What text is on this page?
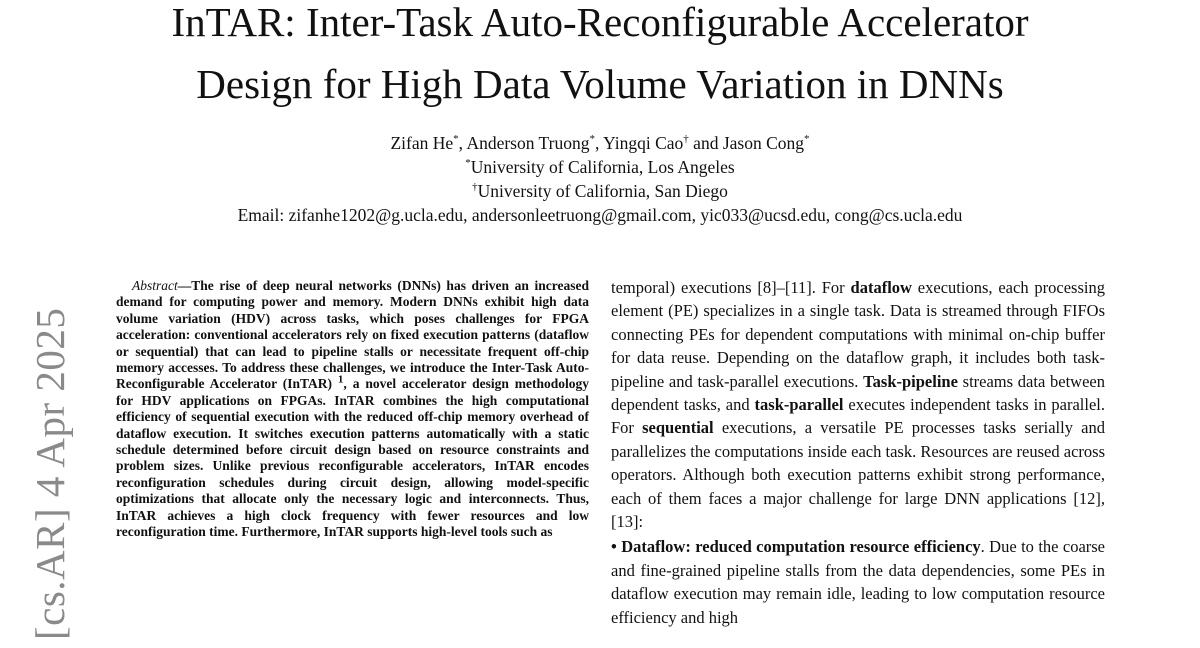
InTAR: Inter-Task Auto-Reconfigurable Accelerator
Design for High Data Volume Variation in DNNs
Zifan He*, Anderson Truong*, Yingqi Cao† and Jason Cong*
*University of California, Los Angeles
†University of California, San Diego
Email: zifanhe1202@g.ucla.edu, andersonleetruong@gmail.com, yic033@ucsd.edu, cong@cs.ucla.edu
[cs.AR] 4 Apr 2025

Abstract—The rise of deep neural networks (DNNs) has driven an increased demand for computing power and memory. Modern DNNs exhibit high data volume variation (HDV) across tasks, which poses challenges for FPGA acceleration: conventional accelerators rely on fixed execution patterns (dataflow or sequential) that can lead to pipeline stalls or necessitate frequent off-chip memory accesses. To address these challenges, we introduce the Inter-Task Auto-Reconfigurable Accelerator (InTAR) $^1$, a novel accelerator design methodology for HDV applications on FPGAs. InTAR combines the high computational efficiency of sequential execution with the reduced off-chip memory overhead of dataflow execution. It switches execution patterns automatically with a static schedule determined before circuit design based on resource constraints and problem sizes. Unlike previous reconfigurable accelerators, InTAR encodes reconfiguration schedules during circuit design, allowing model-specific optimizations that allocate only the necessary logic and interconnects. Thus, InTAR achieves a high clock frequency with fewer resources and low reconfiguration time. Furthermore, InTAR supports high-level tools such as

temporal) executions [8]–[11]. For dataflow executions, each processing element (PE) specializes in a single task. Data is streamed through FIFOs connecting PEs for dependent computations with minimal on-chip buffer for data reuse. Depending on the dataflow graph, it includes both task-pipeline and task-parallel executions. Task-pipeline streams data between dependent tasks, and task-parallel executes independent tasks in parallel. For sequential executions, a versatile PE processes tasks serially and parallelizes the computations inside each task. Resources are reused across operators. Although both execution patterns exhibit strong performance, each of them faces a major challenge for large DNN applications [12], [13]:

• Dataflow: reduced computation resource efficiency. Due to the coarse and fine-grained pipeline stalls from the data dependencies, some PEs in dataflow execution may remain idle, leading to low computation resource efficiency and high
